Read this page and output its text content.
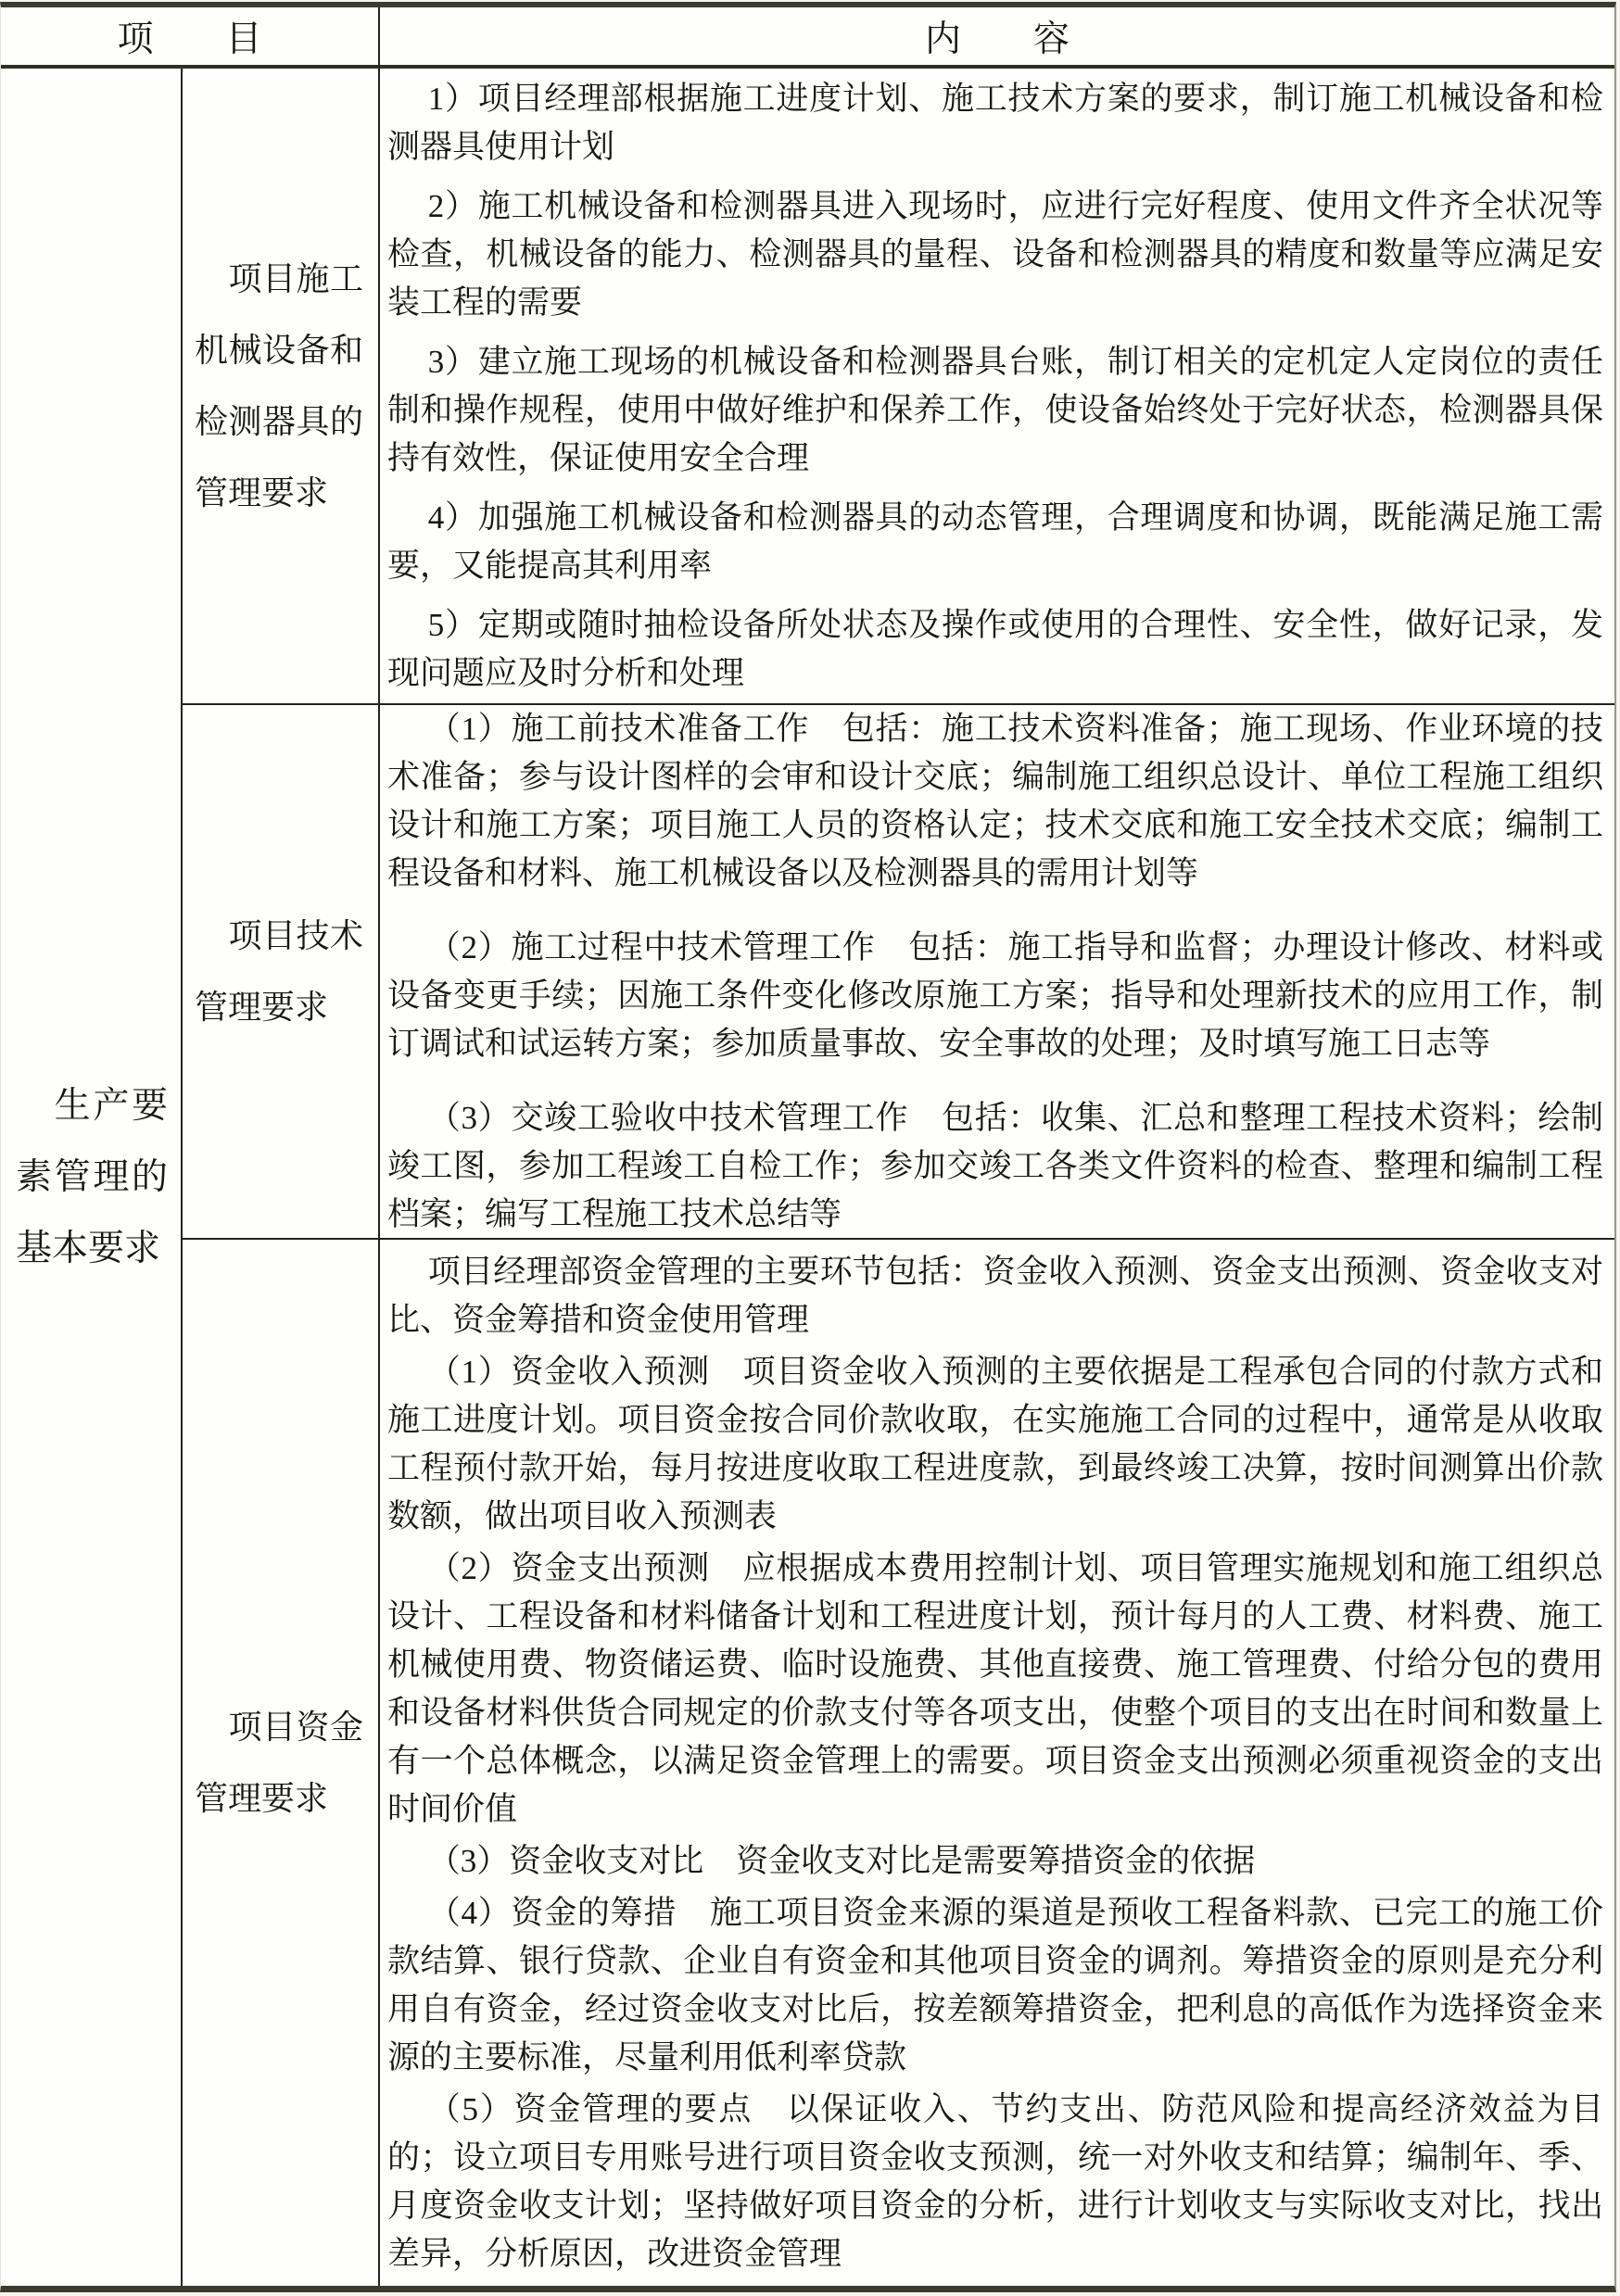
项　　目	内　　容
　生产要
素管理的
基本要求
　项目施工
机械设备和
检测器具的
管理要求
1）项目经理部根据施工进度计划、施工技术方案的要求，制订施工机械设备和检测器具使用计划
2）施工机械设备和检测器具进入现场时，应进行完好程度、使用文件齐全状况等检查，机械设备的能力、检测器具的量程、设备和检测器具的精度和数量等应满足安装工程的需要
3）建立施工现场的机械设备和检测器具台账，制订相关的定机定人定岗位的责任制和操作规程，使用中做好维护和保养工作，使设备始终处于完好状态，检测器具保持有效性，保证使用安全合理
4）加强施工机械设备和检测器具的动态管理，合理调度和协调，既能满足施工需要，又能提高其利用率
5）定期或随时抽检设备所处状态及操作或使用的合理性、安全性，做好记录，发现问题应及时分析和处理
　项目技术
管理要求
（1）施工前技术准备工作　包括：施工技术资料准备；施工现场、作业环境的技术准备；参与设计图样的会审和设计交底；编制施工组织总设计、单位工程施工组织设计和施工方案；项目施工人员的资格认定；技术交底和施工安全技术交底；编制工程设备和材料、施工机械设备以及检测器具的需用计划等
（2）施工过程中技术管理工作　包括：施工指导和监督；办理设计修改、材料或设备变更手续；因施工条件变化修改原施工方案；指导和处理新技术的应用工作，制订调试和试运转方案；参加质量事故、安全事故的处理；及时填写施工日志等
（3）交竣工验收中技术管理工作　包括：收集、汇总和整理工程技术资料；绘制竣工图，参加工程竣工自检工作；参加交竣工各类文件资料的检查、整理和编制工程档案；编写工程施工技术总结等
　项目资金
管理要求
项目经理部资金管理的主要环节包括：资金收入预测、资金支出预测、资金收支对比、资金筹措和资金使用管理
（1）资金收入预测　项目资金收入预测的主要依据是工程承包合同的付款方式和施工进度计划。项目资金按合同价款收取，在实施施工合同的过程中，通常是从收取工程预付款开始，每月按进度收取工程进度款，到最终竣工决算，按时间测算出价款数额，做出项目收入预测表
（2）资金支出预测　应根据成本费用控制计划、项目管理实施规划和施工组织总设计、工程设备和材料储备计划和工程进度计划，预计每月的人工费、材料费、施工机械使用费、物资储运费、临时设施费、其他直接费、施工管理费、付给分包的费用和设备材料供货合同规定的价款支付等各项支出，使整个项目的支出在时间和数量上有一个总体概念，以满足资金管理上的需要。项目资金支出预测必须重视资金的支出时间价值
（3）资金收支对比　资金收支对比是需要筹措资金的依据
（4）资金的筹措　施工项目资金来源的渠道是预收工程备料款、已完工的施工价款结算、银行贷款、企业自有资金和其他项目资金的调剂。筹措资金的原则是充分利用自有资金，经过资金收支对比后，按差额筹措资金，把利息的高低作为选择资金来源的主要标准，尽量利用低利率贷款
（5）资金管理的要点　以保证收入、节约支出、防范风险和提高经济效益为目的；设立项目专用账号进行项目资金收支预测，统一对外收支和结算；编制年、季、月度资金收支计划；坚持做好项目资金的分析，进行计划收支与实际收支对比，找出差异，分析原因，改进资金管理
